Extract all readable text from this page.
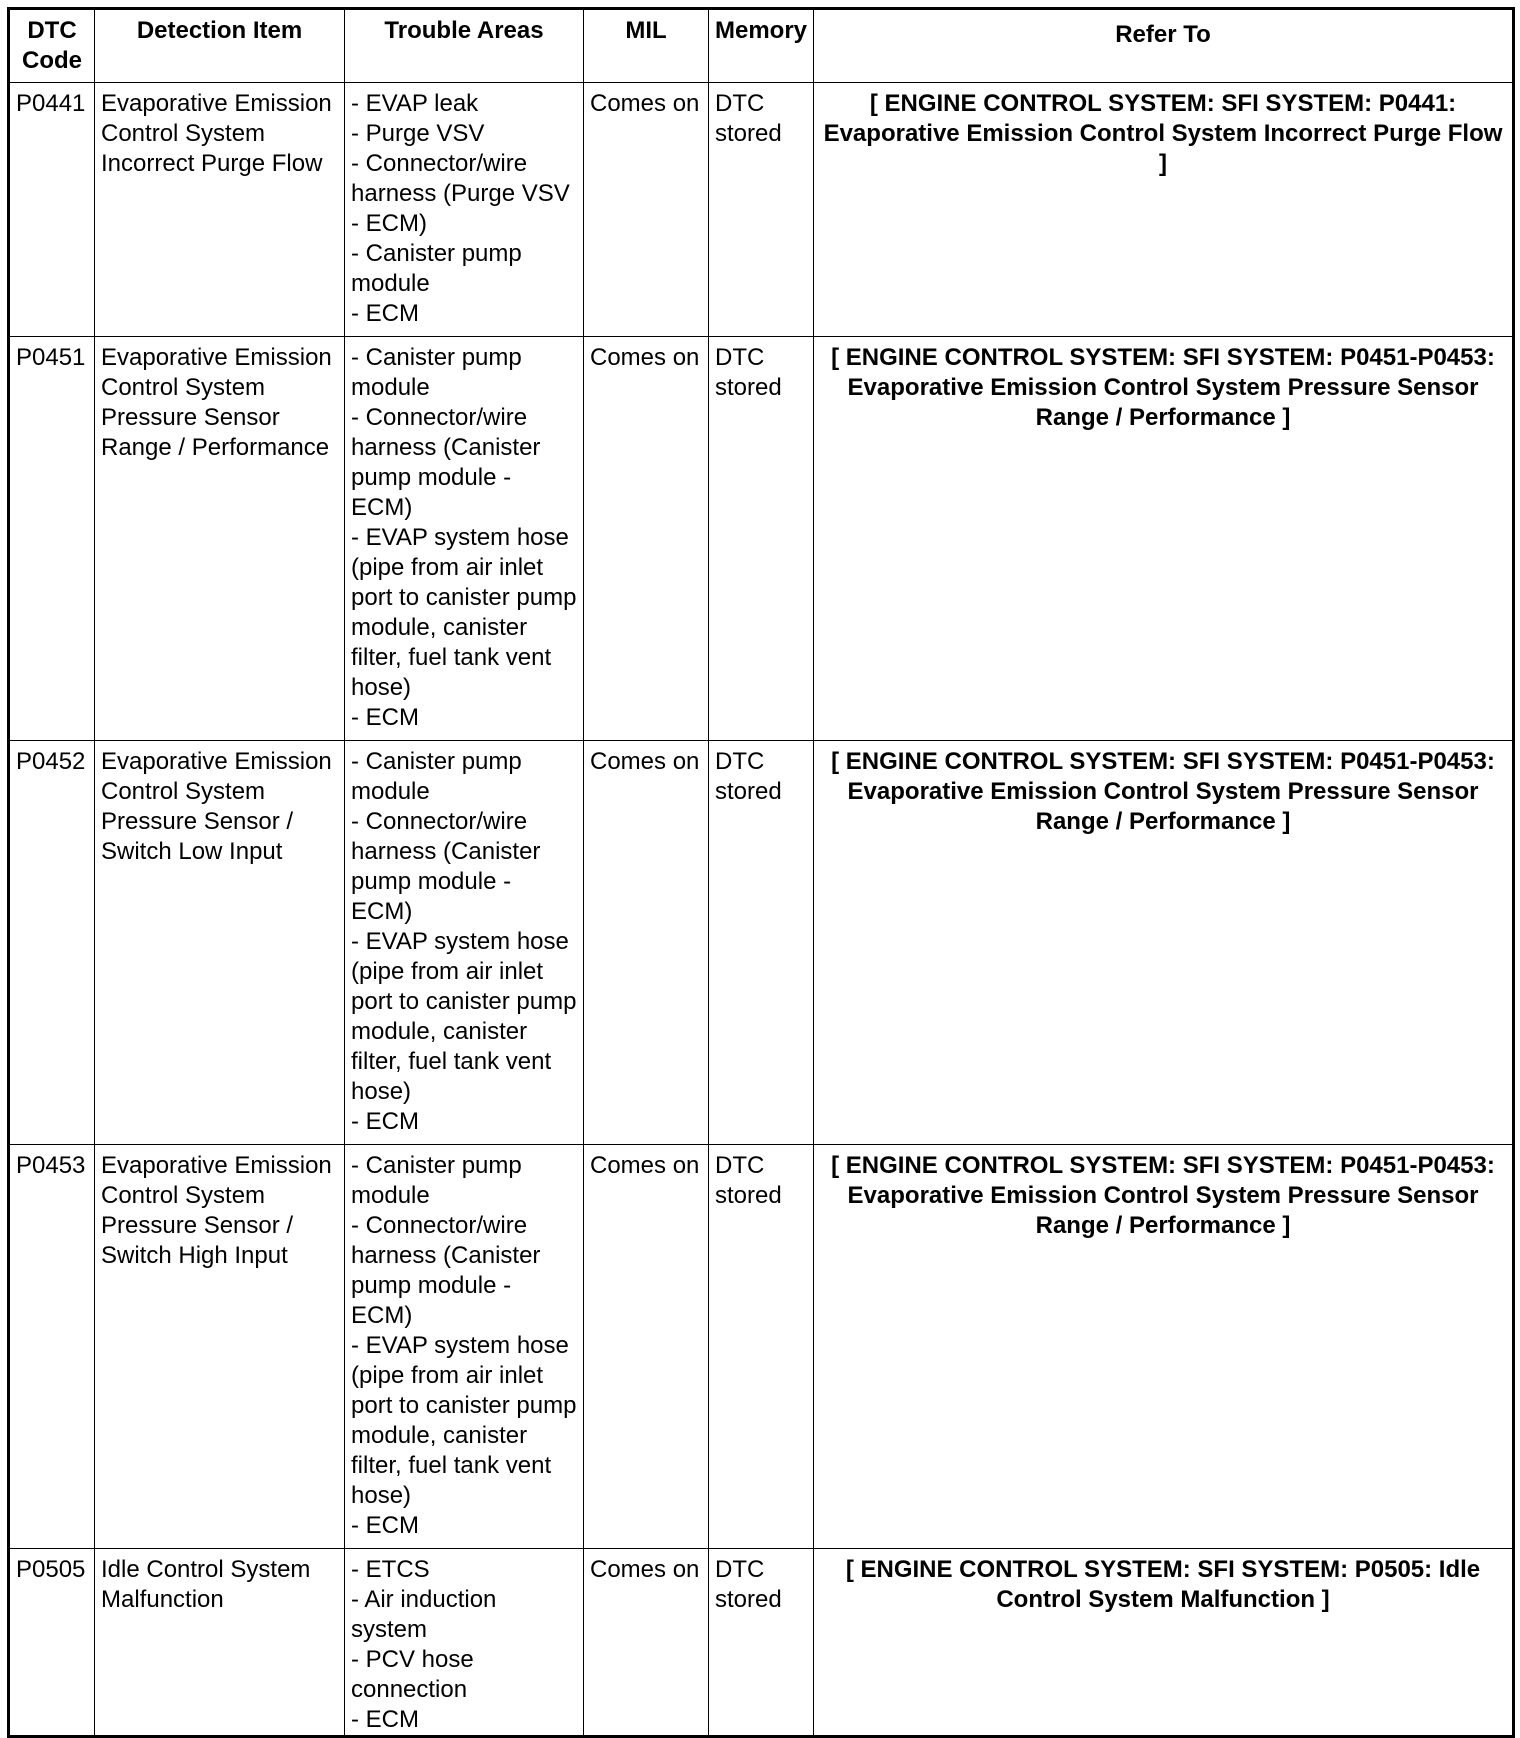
DTC Code	Detection Item	Trouble Areas	MIL	Memory	Refer To
P0441	Evaporative Emission Control System Incorrect Purge Flow	- EVAP leak
- Purge VSV
- Connector/wire harness (Purge VSV - ECM)
- Canister pump module
- ECM	Comes on	DTC stored	[ ENGINE CONTROL SYSTEM: SFI SYSTEM: P0441: Evaporative Emission Control System Incorrect Purge Flow ]
P0451	Evaporative Emission Control System Pressure Sensor Range / Performance	- Canister pump module
- Connector/wire harness (Canister pump module - ECM)
- EVAP system hose (pipe from air inlet port to canister pump module, canister filter, fuel tank vent hose)
- ECM	Comes on	DTC stored	[ ENGINE CONTROL SYSTEM: SFI SYSTEM: P0451-P0453: Evaporative Emission Control System Pressure Sensor Range / Performance ]
P0452	Evaporative Emission Control System Pressure Sensor / Switch Low Input	- Canister pump module
- Connector/wire harness (Canister pump module - ECM)
- EVAP system hose (pipe from air inlet port to canister pump module, canister filter, fuel tank vent hose)
- ECM	Comes on	DTC stored	[ ENGINE CONTROL SYSTEM: SFI SYSTEM: P0451-P0453: Evaporative Emission Control System Pressure Sensor Range / Performance ]
P0453	Evaporative Emission Control System Pressure Sensor / Switch High Input	- Canister pump module
- Connector/wire harness (Canister pump module - ECM)
- EVAP system hose (pipe from air inlet port to canister pump module, canister filter, fuel tank vent hose)
- ECM	Comes on	DTC stored	[ ENGINE CONTROL SYSTEM: SFI SYSTEM: P0451-P0453: Evaporative Emission Control System Pressure Sensor Range / Performance ]
P0505	Idle Control System Malfunction	- ETCS
- Air induction system
- PCV hose connection
- ECM	Comes on	DTC stored	[ ENGINE CONTROL SYSTEM: SFI SYSTEM: P0505: Idle Control System Malfunction ]
